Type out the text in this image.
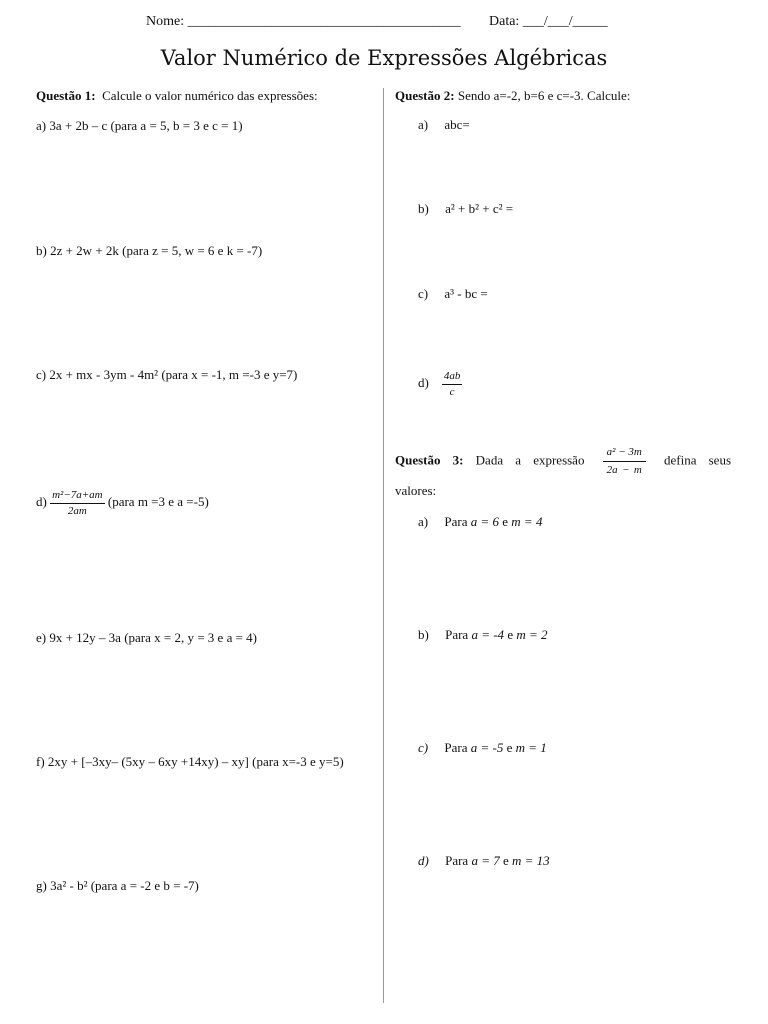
Nome: _______________________________________ Data: ___/___/_____
Valor Numérico de Expressões Algébricas
Questão 1: Calcule o valor numérico das expressões:
a) 3a + 2b – c (para a = 5, b = 3 e c = 1)
b) 2z + 2w + 2k (para z = 5, w = 6 e k = -7)
c) 2x + mx - 3ym - 4m² (para x = -1, m =-3 e y=7)
$d) \frac{\text{m²−7a+am}}{2am}$ (para m =3 e a =-5)
e) 9x + 12y – 3a (para x = 2, y = 3 e a = 4)
f) 2xy + [–3xy– (5xy – 6xy +14xy) – xy] (para x=-3 e y=5)
g) 3a² - b² (para a = -2 e b = -7)
Questão 2: Sendo a=-2, b=6 e c=-3. Calcule:
a) abc=
b) a² + b² + c² =
c) a³ - bc =
$d) \frac{4ab}{c}$
Questão 3: Dada a expressão $\frac{\text{a² − 3m}}{2a - m}$ defina seus
valores:
a) Para a = 6 e m = 4
b) Para a = -4 e m = 2
c) Para a = -5 e m = 1
d) Para a = 7 e m = 13
